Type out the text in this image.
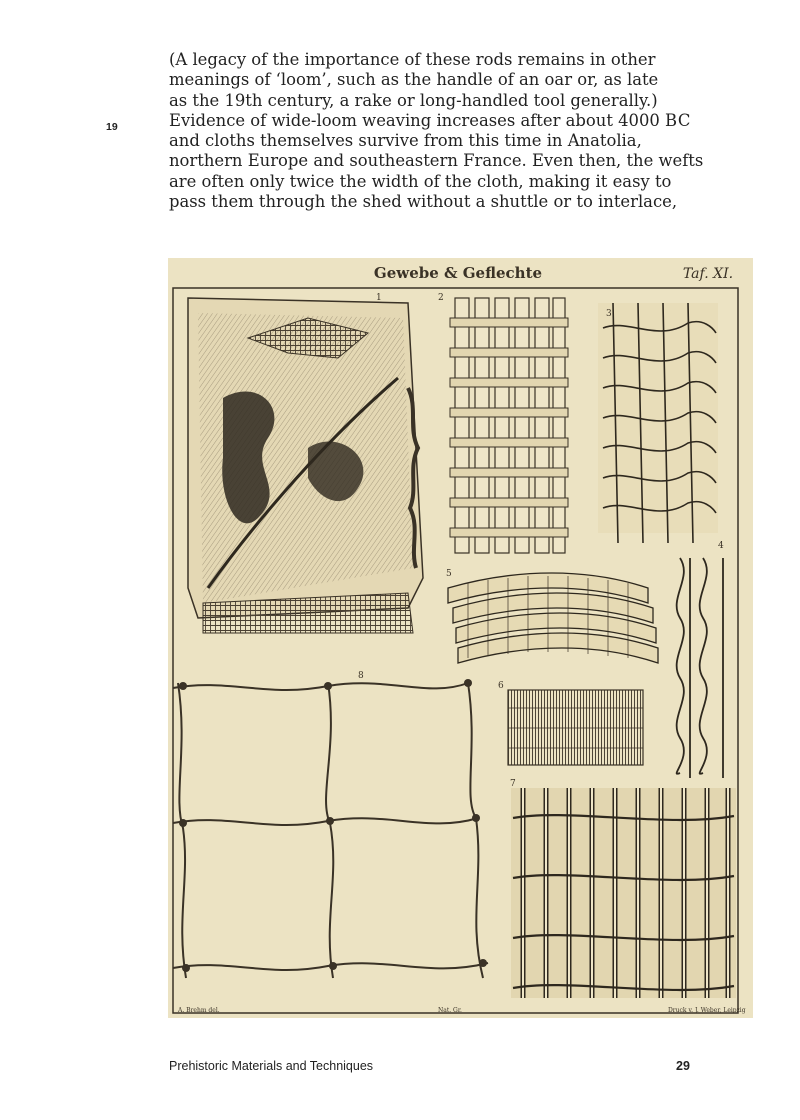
(A legacy of the importance of these rods remains in other
meanings of ‘loom’, such as the handle of an oar or, as late
as the 19th century, a rake or long-handled tool generally.)
Evidence of wide-loom weaving increases after about 4000 BC
and cloths themselves survive from this time in Anatolia,
northern Europe and southeastern France. Even then, the wefts
are often only twice the width of the cloth, making it easy to
pass them through the shed without a shuttle or to interlace,
19
Gewebe & Geflechte	Taf. XI.
1	2
3
5
4
6
8
7
A. Brehm del.	Nat. Gr.	Druck v. J. Weber, Leipzig
Prehistoric Materials and Techniques	29
